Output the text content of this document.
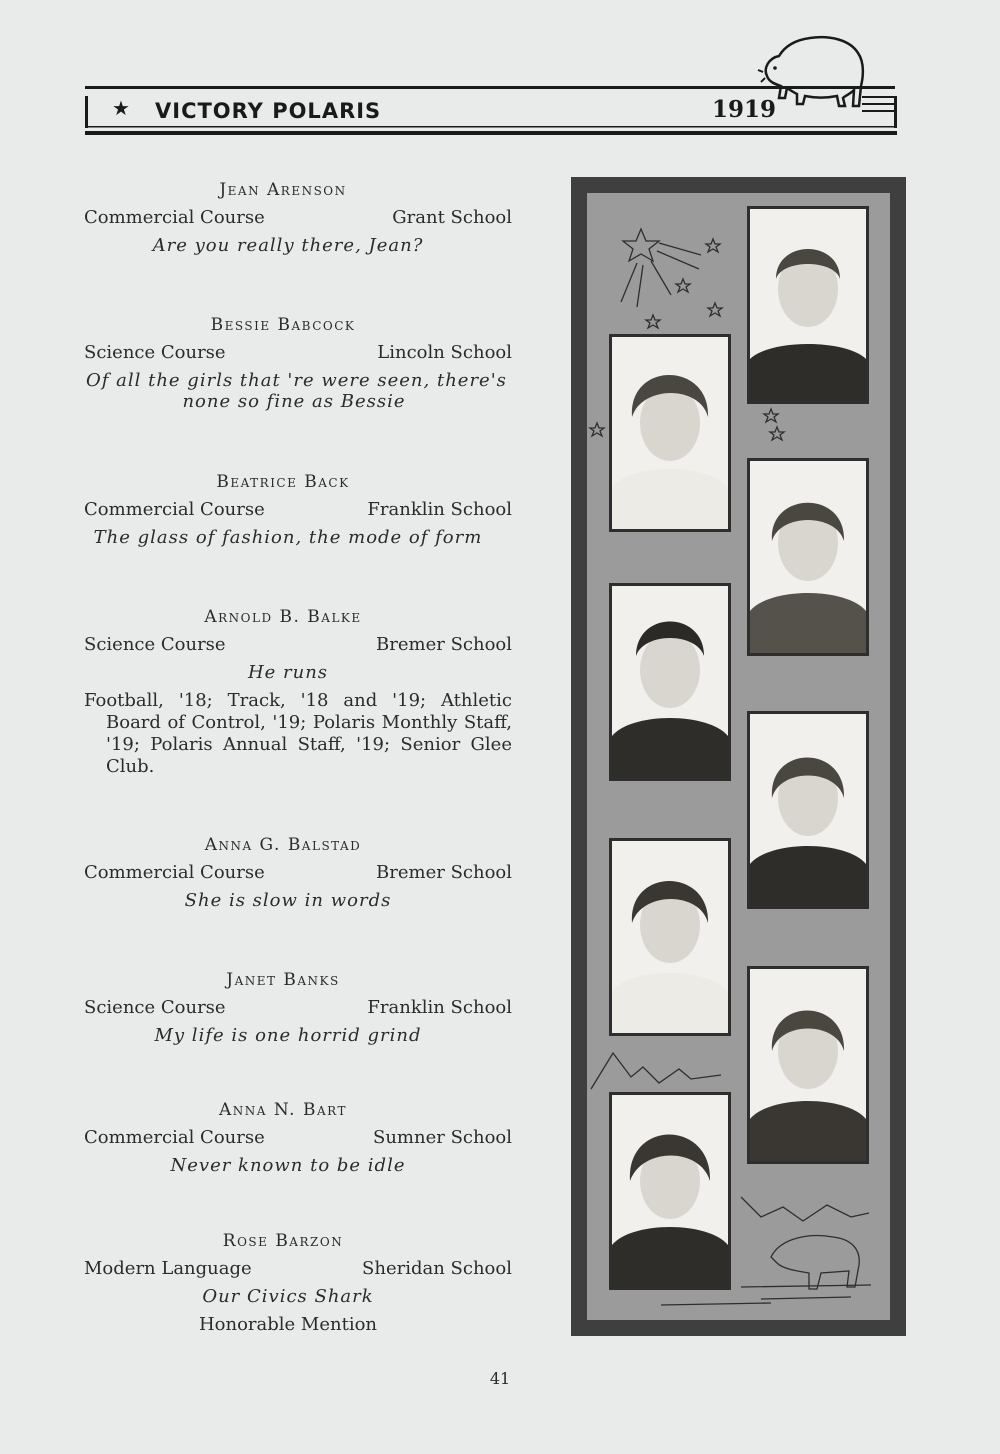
★ VICTORY POLARIS	1919
Jean Arenson
Commercial Course	Grant School
Are you really there, Jean?
Bessie Babcock
Science Course	Lincoln School
Of all the girls that 're were seen, there's
none so fine as Bessie
Beatrice Back
Commercial Course	Franklin School
The glass of fashion, the mode of form
Arnold B. Balke
Science Course	Bremer School
He runs
Football, '18; Track, '18 and '19; Athletic Board of Control, '19; Polaris Monthly Staff, '19; Polaris Annual Staff, '19; Senior Glee Club.
Anna G. Balstad
Commercial Course	Bremer School
She is slow in words
Janet Banks
Science Course	Franklin School
My life is one horrid grind
Anna N. Bart
Commercial Course	Sumner School
Never known to be idle
Rose Barzon
Modern Language	Sheridan School
Our Civics Shark
Honorable Mention
41
